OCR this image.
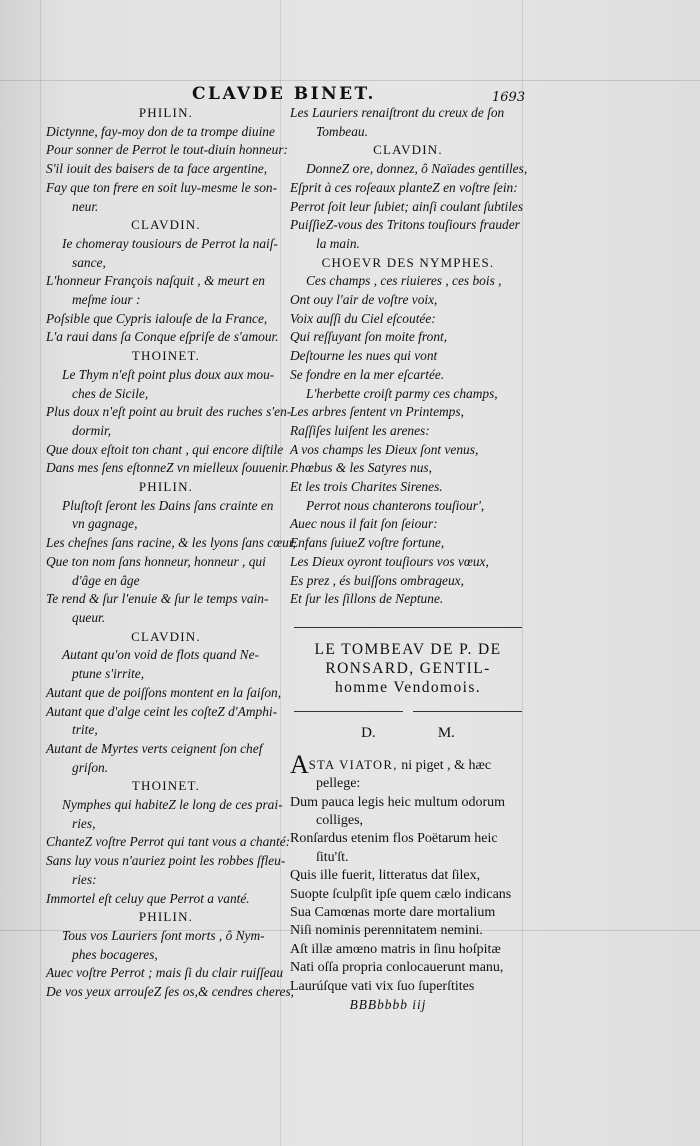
CLAVDE BINET.	1693
PHILIN.
Dictynne, fay-moy don de ta trompe diuine
Pour sonner de Perrot le tout-diuin honneur:
S'il iouit des baisers de ta face argentine,
Fay que ton frere en soit luy-mesme le son-
neur.
CLAVDIN.
Ie chomeray tousiours de Perrot la naiſ-
sance,
L'honneur François naſquit , & meurt en
meſme iour :
Poſsible que Cypris ialouſe de la France,
L'a raui dans ſa Conque eſpriſe de s'amour.
THOINET.
Le Thym n'eſt point plus doux aux mou-
ches de Sicile,
Plus doux n'eſt point au bruit des ruches s'en-
dormir,
Que doux eſtoit ton chant , qui encore diſtile
Dans mes ſens eſtonneZ vn mielleux ſouuenir.
PHILIN.
Pluſtoſt ſeront les Dains ſans crainte en
vn gagnage,
Les cheſnes ſans racine, & les lyons ſans cœur,
Que ton nom ſans honneur, honneur , qui
d'âge en âge
Te rend & ſur l'enuie & ſur le temps vain-
queur.
CLAVDIN.
Autant qu'on void de flots quand Ne-
ptune s'irrite,
Autant que de poiſſons montent en la ſaiſon,
Autant que d'alge ceint les coſteZ d'Amphi-
trite,
Autant de Myrtes verts ceignent ſon chef
griſon.
THOINET.
Nymphes qui habiteZ le long de ces prai-
ries,
ChanteZ voſtre Perrot qui tant vous a chanté:
Sans luy vous n'auriez point les robbes ſfleu-
ries:
Immortel eſt celuy que Perrot a vanté.
PHILIN.
Tous vos Lauriers ſont morts , ô Nym-
phes bocageres,
Auec voſtre Perrot ; mais ſi du clair ruiſſeau
De vos yeux arrouſeZ ſes os,& cendres cheres,
Les Lauriers renaiſtront du creux de ſon
Tombeau.
CLAVDIN.
DonneZ ore, donnez, ô Naïades gentilles,
Eſprit à ces roſeaux planteZ en voſtre ſein:
Perrot ſoit leur ſubiet; ainſi coulant ſubtiles
PuiſſieZ-vous des Tritons touſiours frauder
la main.
CHOEVR DES NYMPHES.
Ces champs , ces riuieres , ces bois ,
Ont ouy l'air de voſtre voix,
Voix auſſi du Ciel eſcoutée:
Qui reſſuyant ſon moite front,
Deſtourne les nues qui vont
Se fondre en la mer eſcartée.
L'herbette croiſt parmy ces champs,
Les arbres ſentent vn Printemps,
Raſſiſes luiſent les arenes:
A vos champs les Dieux ſont venus,
Phœbus & les Satyres nus,
Et les trois Charites Sirenes.
Perrot nous chanterons touſiour',
Auec nous il fait ſon ſeiour:
Enfans ſuiueZ voſtre fortune,
Les Dieux oyront touſiours vos vœux,
Es prez , és buiſſons ombrageux,
Et ſur les ſillons de Neptune.
LE TOMBEAV DE P. DE
RONSARD, GENTIL-
homme Vendomois.
D.	M.
ASTA VIATOR, ni piget , & hæc
pellege:
Dum pauca legis heic multum odorum
colliges,
Ronſardus etenim flos Poëtarum heic
ſitu'ſt.
Quis ille fuerit, litteratus dat ſilex,
Suopte ſculpſit ipſe quem cælo indicans
Sua Camœnas morte dare mortalium
Niſi nominis perennitatem nemini.
Aſt illæ amœno matris in ſinu hoſpitæ
Nati oſſa propria conlocauerunt manu,
Laurúſque vati vix ſuo ſuperſtites
BBBbbbb iij
